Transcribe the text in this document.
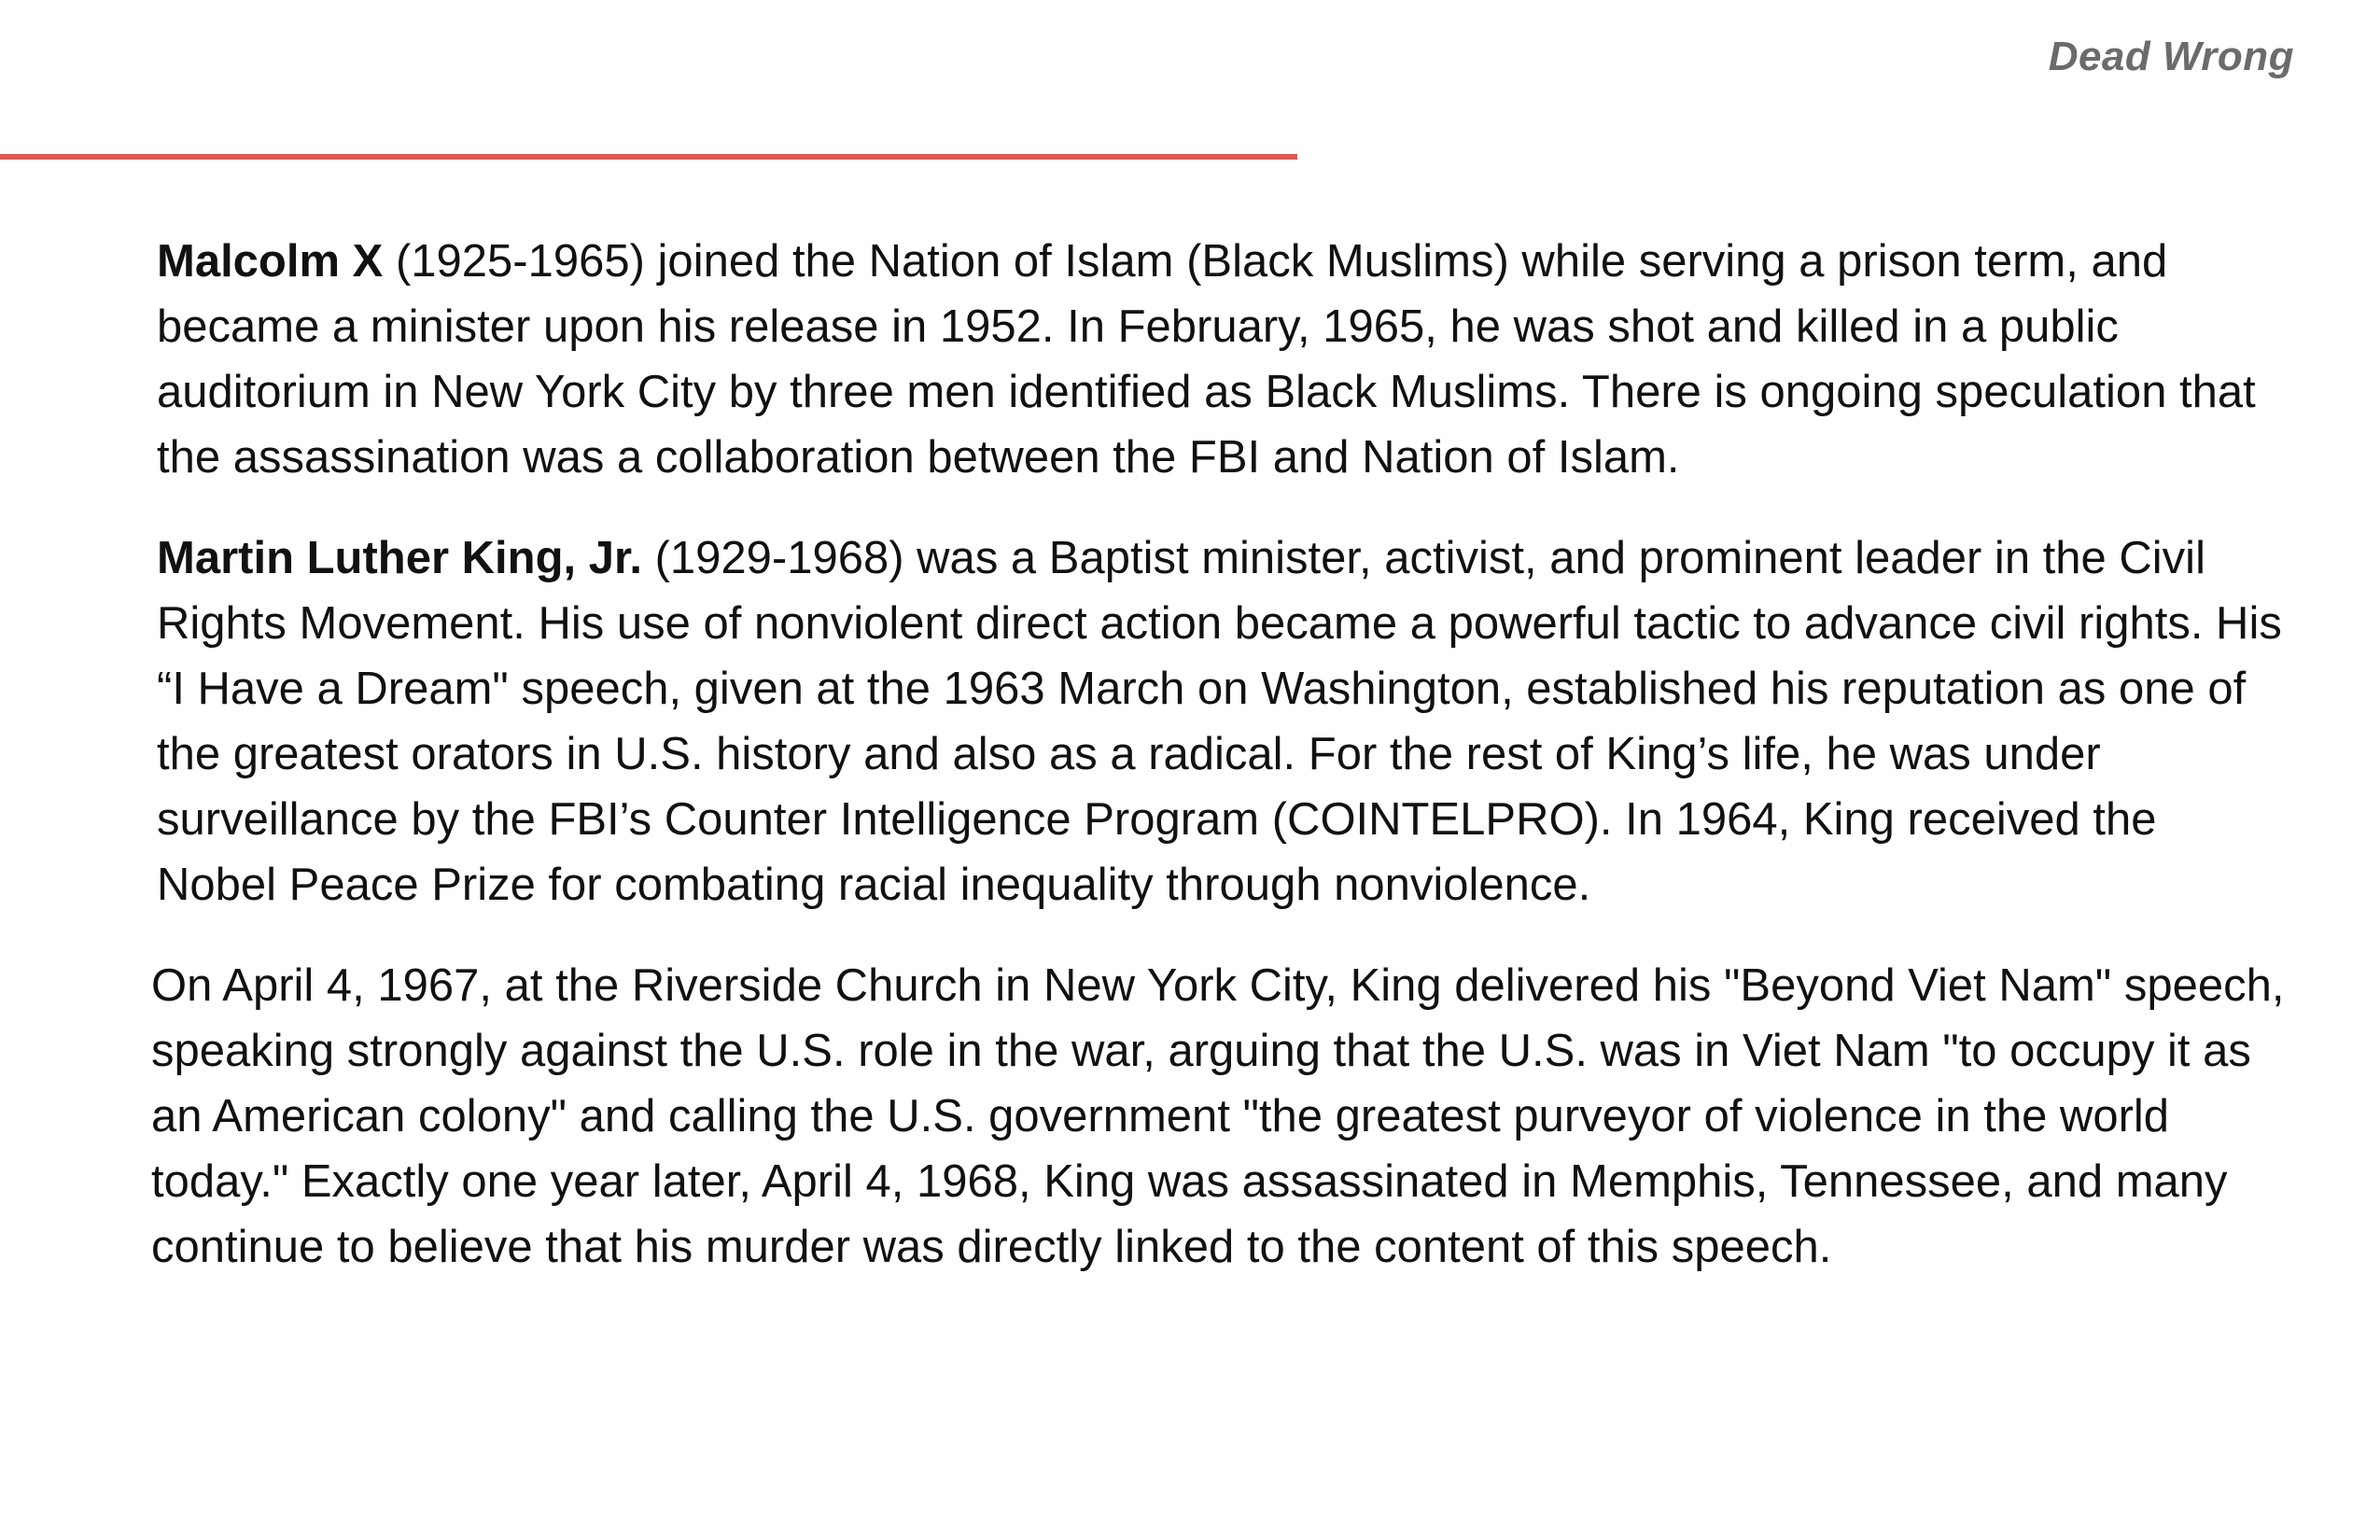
Dead Wrong

Malcolm X (1925-1965) joined the Nation of Islam (Black Muslims) while serving a prison term, and became a minister upon his release in 1952. In February, 1965, he was shot and killed in a public auditorium in New York City by three men identified as Black Muslims. There is ongoing speculation that the assassination was a collaboration between the FBI and Nation of Islam.

Martin Luther King, Jr. (1929-1968) was a Baptist minister, activist, and prominent leader in the Civil Rights Movement. His use of nonviolent direct action became a powerful tactic to advance civil rights. His “I Have a Dream" speech, given at the 1963 March on Washington, established his reputation as one of the greatest orators in U.S. history and also as a radical. For the rest of King’s life, he was under surveillance by the FBI’s Counter Intelligence Program (COINTELPRO). In 1964, King received the Nobel Peace Prize for combating racial inequality through nonviolence.

On April 4, 1967, at the Riverside Church in New York City, King delivered his "Beyond Viet Nam" speech, speaking strongly against the U.S. role in the war, arguing that the U.S. was in Viet Nam "to occupy it as an American colony" and calling the U.S. government "the greatest purveyor of violence in the world today." Exactly one year later, April 4, 1968, King was assassinated in Memphis, Tennessee, and many continue to believe that his murder was directly linked to the content of this speech.
